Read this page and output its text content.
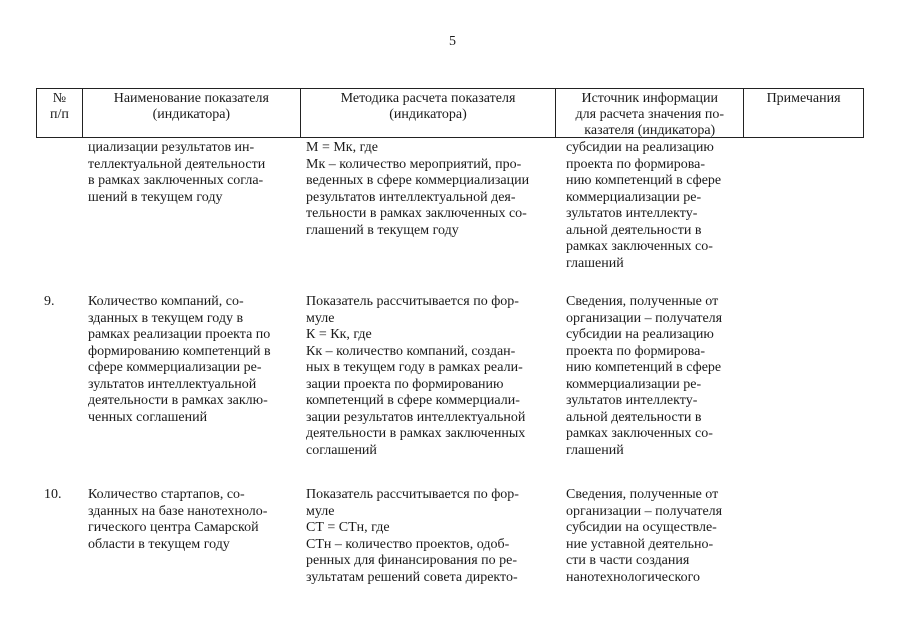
5
№
п/п
Наименование показателя
(индикатора)
Методика расчета показателя
(индикатора)
Источник информации
для расчета значения по-
казателя (индикатора)
Примечания
циализации результатов ин-
теллектуальной деятельности
в рамках заключенных согла-
шений в текущем году
М = Мк, где
Мк – количество мероприятий, про-
веденных в сфере коммерциализации
результатов интеллектуальной дея-
тельности в рамках заключенных со-
глашений в текущем году
субсидии на реализацию
проекта по формирова-
нию компетенций в сфере
коммерциализации ре-
зультатов интеллекту-
альной деятельности в
рамках заключенных со-
глашений
9.	Количество компаний, со-
зданных в текущем году в
рамках реализации проекта по
формированию компетенций в
сфере коммерциализации ре-
зультатов интеллектуальной
деятельности в рамках заклю-
ченных соглашений
Показатель рассчитывается по фор-
муле
К = Кк, где
Кк – количество компаний, создан-
ных в текущем году в рамках реали-
зации проекта по формированию
компетенций в сфере коммерциали-
зации результатов интеллектуальной
деятельности в рамках заключенных
соглашений
Сведения, полученные от
организации – получателя
субсидии на реализацию
проекта по формирова-
нию компетенций в сфере
коммерциализации ре-
зультатов интеллекту-
альной деятельности в
рамках заключенных со-
глашений
10.	Количество стартапов, со-
зданных на базе нанотехноло-
гического центра Самарской
области в текущем году
Показатель рассчитывается по фор-
муле
СТ = СТн, где
СТн – количество проектов, одоб-
ренных для финансирования по ре-
зультатам решений совета директо-
Сведения, полученные от
организации – получателя
субсидии на осуществле-
ние уставной деятельно-
сти в части создания
нанотехнологического
